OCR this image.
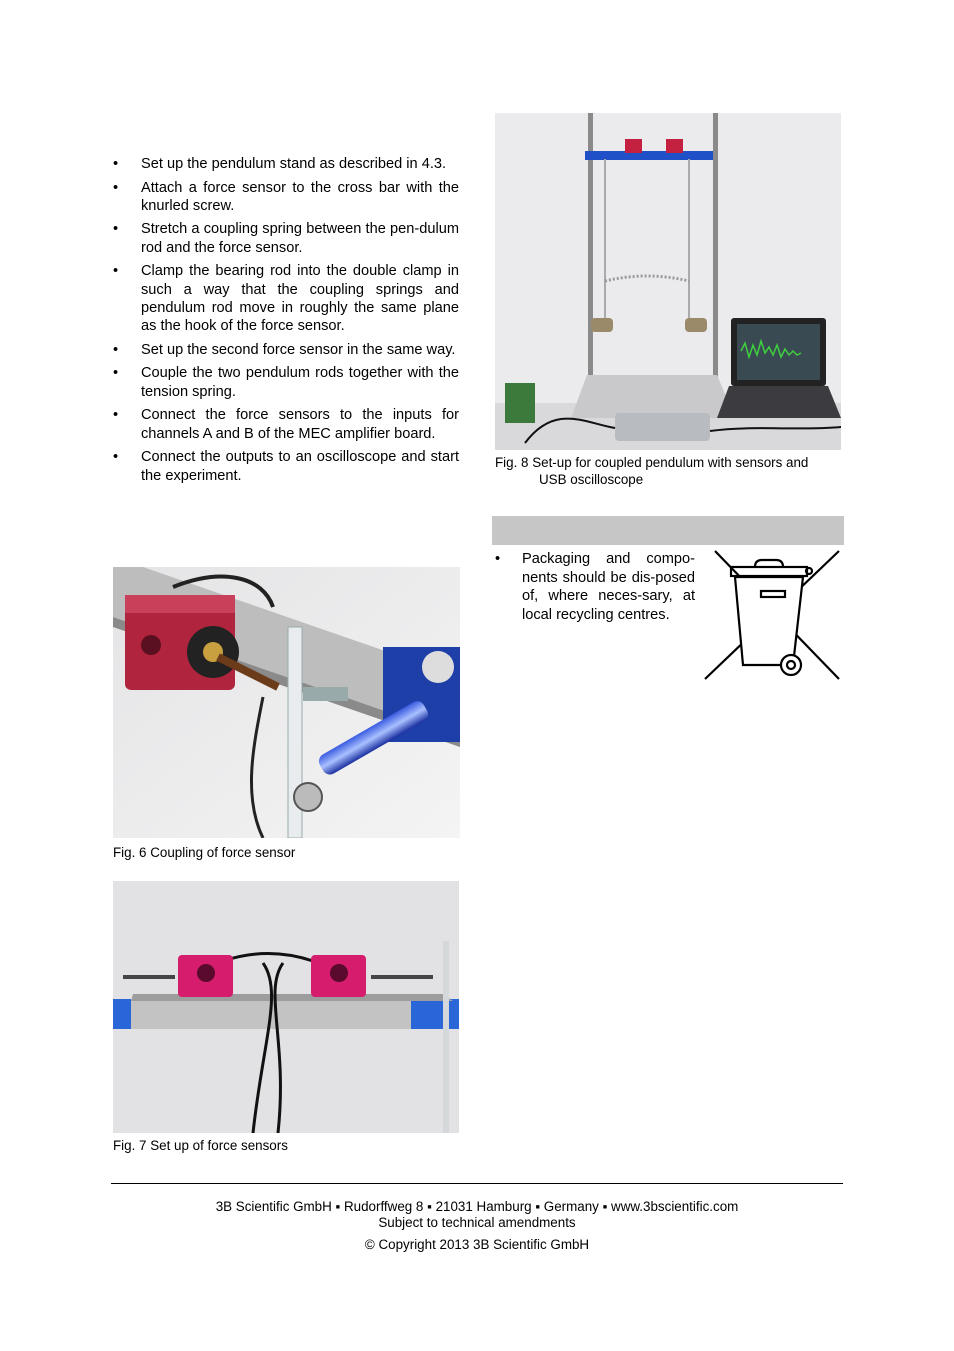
• Set up the pendulum stand as described in 4.3.
• Attach a force sensor to the cross bar with the knurled screw.
• Stretch a coupling spring between the pen-dulum rod and the force sensor.
• Clamp the bearing rod into the double clamp in such a way that the coupling springs and pendulum rod move in roughly the same plane as the hook of the force sensor.
• Set up the second force sensor in the same way.
• Couple the two pendulum rods together with the tension spring.
• Connect the force sensors to the inputs for channels A and B of the MEC amplifier board.
• Connect the outputs to an oscilloscope and start the experiment.
Fig. 6 Coupling of force sensor
Fig. 7 Set up of force sensors
Fig. 8 Set-up for coupled pendulum with sensors and
USB oscilloscope
• Packaging and compo-nents should be dis-posed of, where neces-sary, at local recycling centres.
3B Scientific GmbH ▪ Rudorffweg 8 ▪ 21031 Hamburg ▪ Germany ▪ www.3bscientific.com
Subject to technical amendments
© Copyright 2013 3B Scientific GmbH
